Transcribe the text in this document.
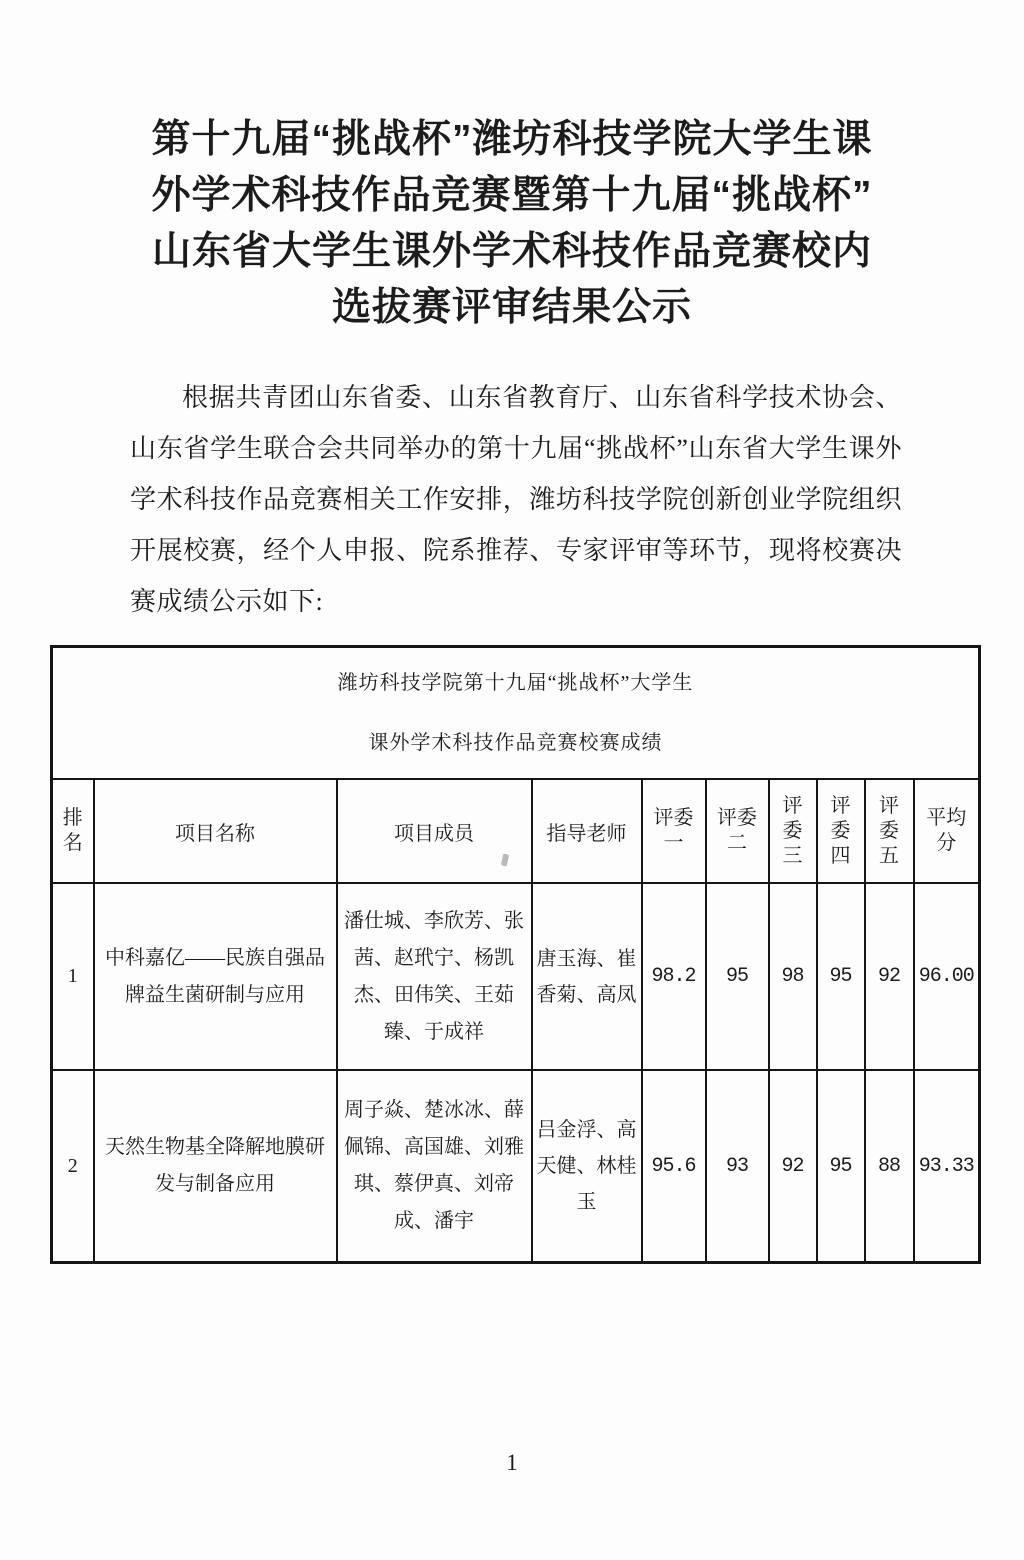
第十九届“挑战杯”潍坊科技学院大学生课
外学术科技作品竞赛暨第十九届“挑战杯”
山东省大学生课外学术科技作品竞赛校内
选拔赛评审结果公示
根据共青团山东省委、山东省教育厅、山东省科学技术协会、山东省学生联合会共同举办的第十九届“挑战杯”山东省大学生课外学术科技作品竞赛相关工作安排，潍坊科技学院创新创业学院组织开展校赛，经个人申报、院系推荐、专家评审等环节，现将校赛决赛成绩公示如下:
潍坊科技学院第十九届“挑战杯”大学生
课外学术科技作品竞赛校赛成绩									

排名	项目名称	项目成员	指导老师	评委一	评委二	评委三	评委四	评委五	平均分

1	中科嘉亿——民族自强品牌益生菌研制与应用	潘仕城、李欣芳、张茜、赵玳宁、杨凯杰、田伟笑、王茹臻、于成祥	唐玉海、崔香菊、高凤	98.2	95	98	95	92	96.00
2	天然生物基全降解地膜研发与制备应用	周子焱、楚冰冰、薛佩锦、高国雄、刘雅琪、蔡伊真、刘帝成、潘宇	吕金浮、高天健、林桂玉	95.6	93	92	95	88	93.33
1
